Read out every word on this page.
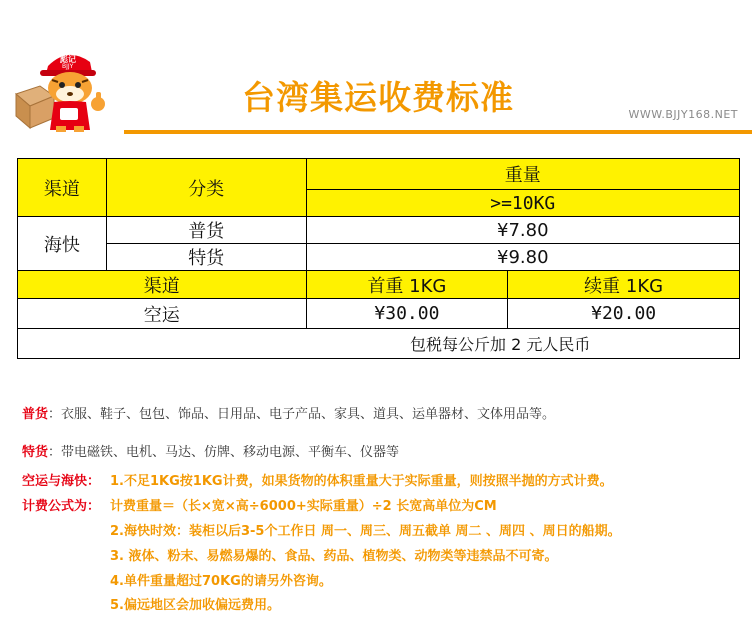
彪记
BJJY
台湾集运收费标准	WWW.BJJY168.NET
渠道	分类	重量	
		>=10KG	
海快	普货	¥7.80	
	特货	¥9.80	
渠道		首重 1KG	续重 1KG
空运		¥30.00	¥20.00
包税每公斤加 2 元人民币			
普货：衣服、鞋子、包包、饰品、日用品、电子产品、家具、道具、运单器材、文体用品等。
特货：带电磁铁、电机、马达、仿牌、移动电源、平衡车、仪器等
空运与海快： 1.不足1KG按1KG计费，如果货物的体积重量大于实际重量，则按照半抛的方式计费。
计费公式为： 计费重量＝（长×宽×高÷6000+实际重量）÷2 长宽高单位为CM
2.海快时效：装柜以后3-5个工作日 周一、周三、周五截单 周二 、周四 、周日的船期。
3. 液体、粉末、易燃易爆的、食品、药品、植物类、动物类等违禁品不可寄。
4.单件重量超过70KG的请另外咨询。
5.偏远地区会加收偏远费用。
